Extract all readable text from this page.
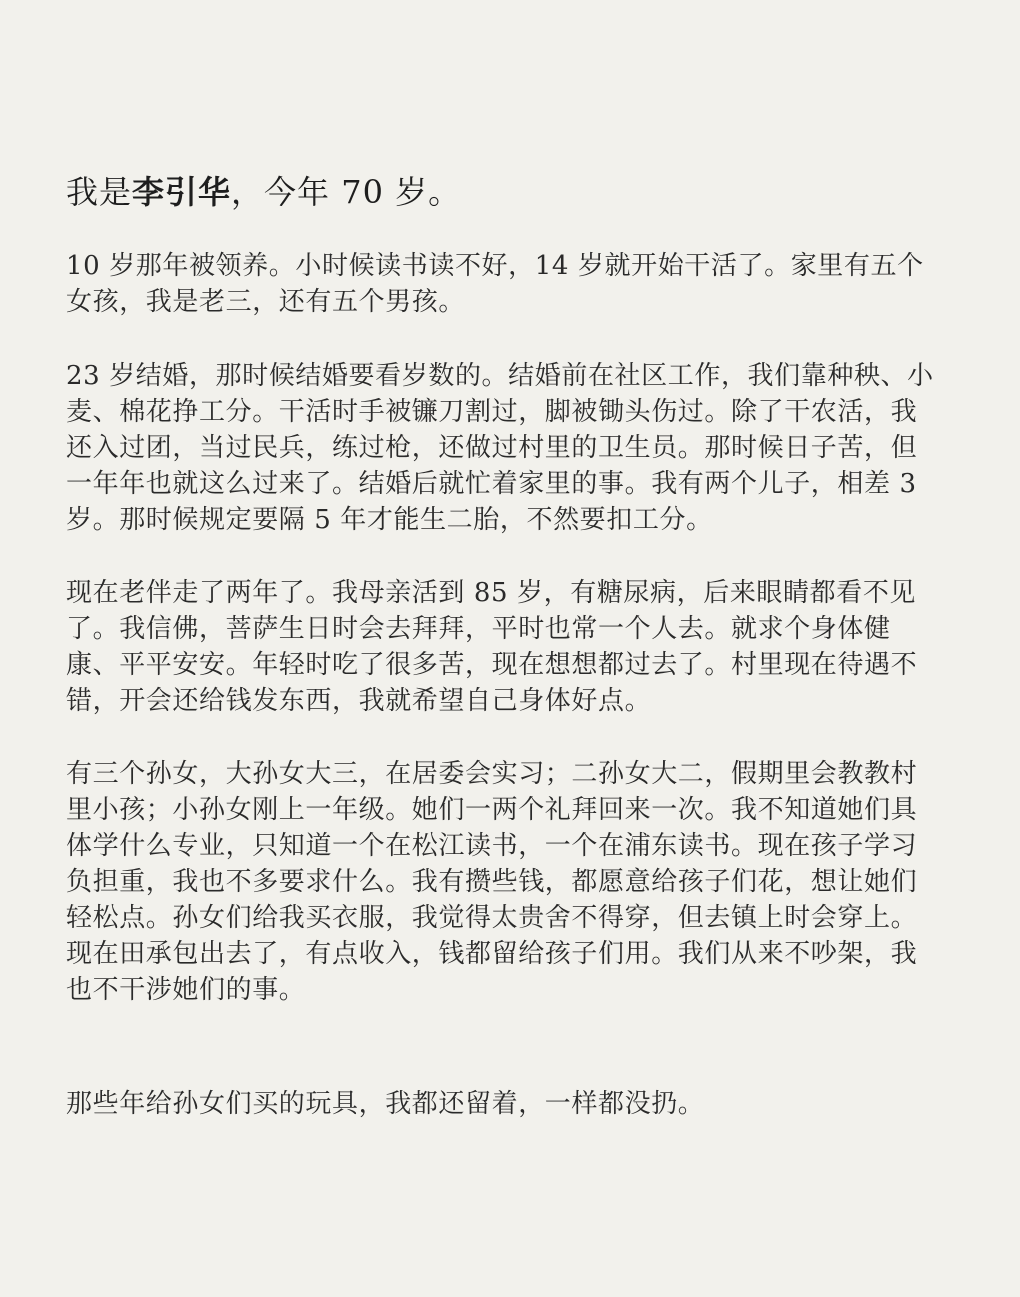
我是李引华，今年 70 岁。
10 岁那年被领养。小时候读书读不好，14 岁就开始干活了。家里有五个
女孩，我是老三，还有五个男孩。
23 岁结婚，那时候结婚要看岁数的。结婚前在社区工作，我们靠种秧、小
麦、棉花挣工分。干活时手被镰刀割过，脚被锄头伤过。除了干农活，我
还入过团，当过民兵，练过枪，还做过村里的卫生员。那时候日子苦，但
一年年也就这么过来了。结婚后就忙着家里的事。我有两个儿子，相差 3
岁。那时候规定要隔 5 年才能生二胎，不然要扣工分。
现在老伴走了两年了。我母亲活到 85 岁，有糖尿病，后来眼睛都看不见
了。我信佛，菩萨生日时会去拜拜，平时也常一个人去。就求个身体健
康、平平安安。年轻时吃了很多苦，现在想想都过去了。村里现在待遇不
错，开会还给钱发东西，我就希望自己身体好点。
有三个孙女，大孙女大三，在居委会实习；二孙女大二，假期里会教教村
里小孩；小孙女刚上一年级。她们一两个礼拜回来一次。我不知道她们具
体学什么专业，只知道一个在松江读书，一个在浦东读书。现在孩子学习
负担重，我也不多要求什么。我有攒些钱，都愿意给孩子们花，想让她们
轻松点。孙女们给我买衣服，我觉得太贵舍不得穿，但去镇上时会穿上。
现在田承包出去了，有点收入，钱都留给孩子们用。我们从来不吵架，我
也不干涉她们的事。
那些年给孙女们买的玩具，我都还留着，一样都没扔。
